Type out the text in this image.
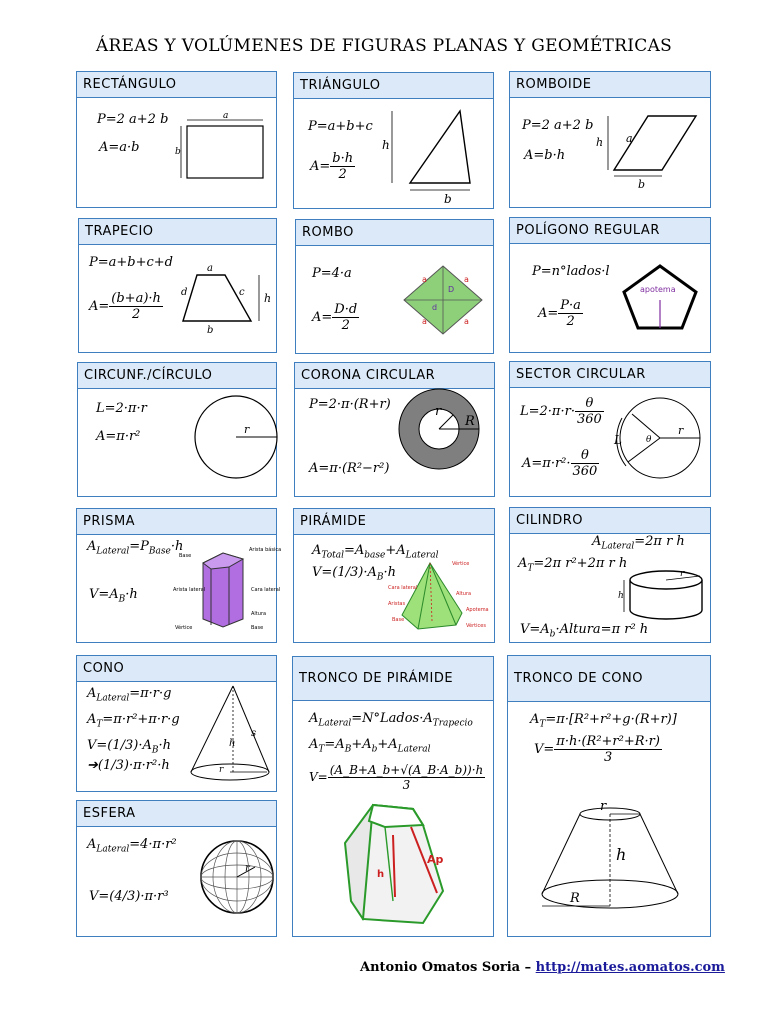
ÁREAS Y VOLÚMENES DE FIGURAS PLANAS Y GEOMÉTRICAS
RECTÁNGULO
P=2 a+2 b
A=a·b
a
b
TRIÁNGULO
P=a+b+c
$A= \frac{b\cdot h}{2}$
h
b
ROMBOIDE
P=2 a+2 b
A=b·h
a
h
b
TRAPECIO
P=a+b+c+d
$A= \frac{(b+a)\cdot h}{2}$
a
b
c
d	h
ROMBO
P=4·a
$A= \frac{D\cdot d}{2}$
a	a
a	a
D
d
POLÍGONO REGULAR
P=n°lados·l
$A= \frac{P\cdot a}{2}$
apotema
CIRCUNF./CÍRCULO
L=2·π·r
A=π·r²	r
CORONA CIRCULAR
P=2·π·(R+r)
A=π·(R²−r²)
r
R
SECTOR CIRCULAR
$L=2\cdot\pi\cdot r\cdot \frac{\theta}{360}$
$A=\pi\cdot r^2\cdot \frac{\theta}{360}$
L	θ
r
PRISMA
$A_{Lateral}=P_{Base}\cdot h$
$V=A_B\cdot h$
Base
Arista básica
Arista lateral	Cara lateral
Altura
Vértice	Base
PIRÁMIDE
$A_{Total}=A_{base}+A_{Lateral}$
$V=(1/3)\cdot A_B\cdot h$
Vértice
Cara lateral
Altura
Aristas
Apotema
Base
Vértices
CILINDRO
$A_{Lateral}=2\pi$ r h
$A_T=2\pi$ r²+2π r h
$V=A_b\cdot Altura=\pi$ r² h
r
h
CONO
$A_{Lateral}=\pi\cdot r\cdot g$
$A_T=\pi\cdot r^2+\pi\cdot r\cdot g$
$V=(1/3)\cdot A_B\cdot h$
➔(1/3)·π·r²·h
h
s
r
ESFERA
$A_{Lateral}=4\cdot\pi\cdot r^2$
V=(4/3)·π·r³
r
TRONCO DE PIRÁMIDE
$A_{Lateral}=N^\circ Lados\cdot A_{Trapecio}$
$A_T=A_B+A_b+A_{Lateral}$
$V= \frac{(A\_B+A\_b+√(A\_B\cdot A\_b))\cdot h}{3}$
h
Ap
TRONCO DE CONO
$A_T=\pi\cdot[R^2+r^2+g\cdot(R+r)]$
$V= \frac{\text{π·h·(R²+r²+R·r)}}{3}$
r
h
R
Antonio Omatos Soria – http://mates.aomatos.com
